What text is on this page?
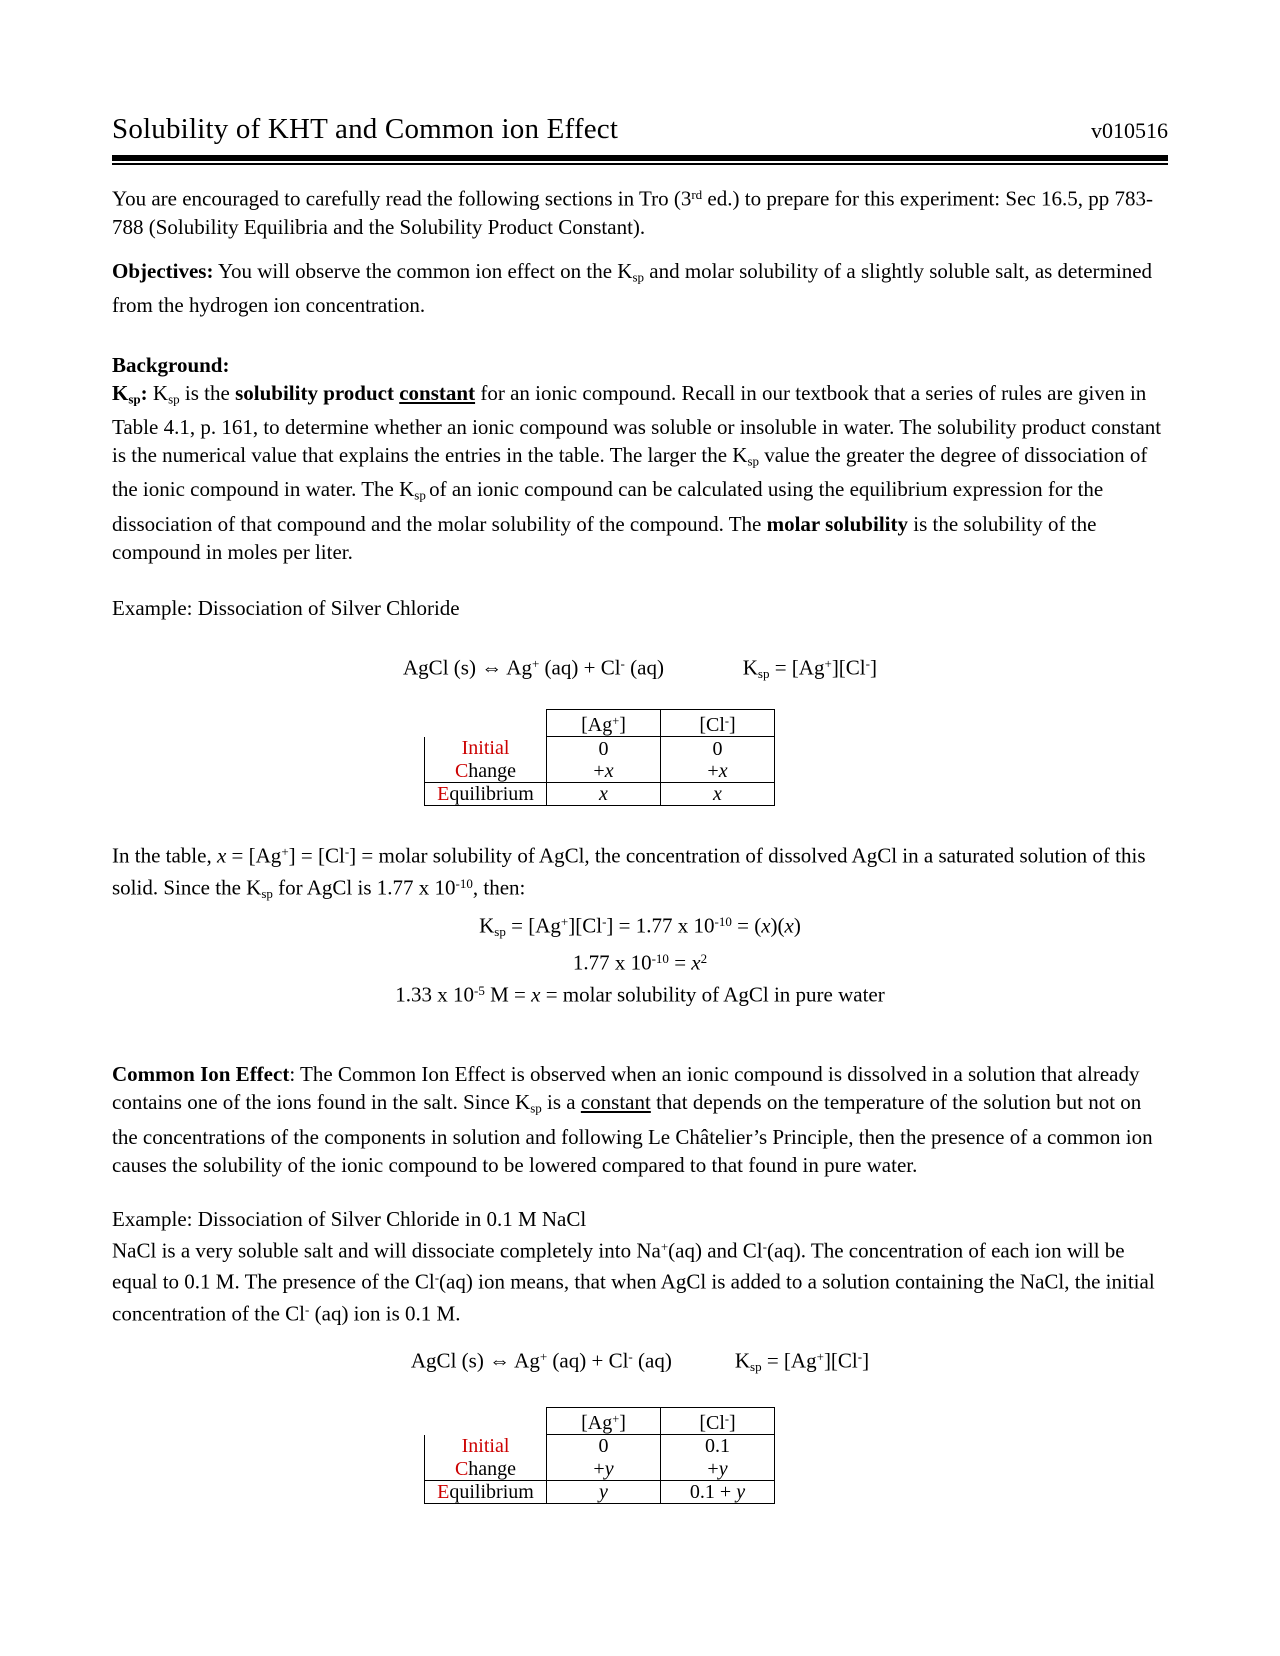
Solubility of KHT and Common ion Effect	v010516

You are encouraged to carefully read the following sections in Tro (3rd ed.) to prepare for this experiment: Sec 16.5, pp 783-788 (Solubility Equilibria and the Solubility Product Constant).

Objectives: You will observe the common ion effect on the $K_{sp}$ and molar solubility of a slightly soluble salt, as determined from the hydrogen ion concentration.

Background:
$K_{sp}$: $K_{sp}$ is the solubility product constant for an ionic compound. Recall in our textbook that a series of rules are given in Table 4.1, p. 161, to determine whether an ionic compound was soluble or insoluble in water. The solubility product constant is the numerical value that explains the entries in the table. The larger the $K_{sp}$ value the greater the degree of dissociation of the ionic compound in water. The $K_{sp}$ of an ionic compound can be calculated using the equilibrium expression for the dissociation of that compound and the molar solubility of the compound. The molar solubility is the solubility of the compound in moles per liter.

Example: Dissociation of Silver Chloride

AgCl (s) ⇔ Ag+ (aq) + Cl- (aq)	$K_{sp} = [Ag^+][Cl^-]$
	[Ag+]	[Cl-]
Initial	0	0
Change	+x	+x
Equilibrium	x	x

In the table, x = [Ag+] = [Cl-] = molar solubility of AgCl, the concentration of dissolved AgCl in a saturated solution of this solid. Since the $K_{sp}$ for AgCl is 1.77 x $10^{-10}$, then:

$K_{sp} = [Ag^+][Cl^-] = 1.77$ x $10^{-10} = (x)(x)$
1.77 x $10^{-10} = x^2$
1.33 x $10^{-5}$ M = x = molar solubility of AgCl in pure water

Common Ion Effect: The Common Ion Effect is observed when an ionic compound is dissolved in a solution that already contains one of the ions found in the salt. Since $K_{sp}$ is a constant that depends on the temperature of the solution but not on the concentrations of the components in solution and following Le Châtelier’s Principle, then the presence of a common ion causes the solubility of the ionic compound to be lowered compared to that found in pure water.

Example: Dissociation of Silver Chloride in 0.1 M NaCl
NaCl is a very soluble salt and will dissociate completely into Na+(aq) and Cl-(aq). The concentration of each ion will be equal to 0.1 M. The presence of the Cl-(aq) ion means, that when AgCl is added to a solution containing the NaCl, the initial concentration of the Cl- (aq) ion is 0.1 M.

AgCl (s) ⇔ Ag+ (aq) + Cl- (aq)	$K_{sp} = [Ag^+][Cl^-]$
	[Ag+]	[Cl-]
Initial	0	0.1
Change	+y	+y
Equilibrium	y	0.1 + y
